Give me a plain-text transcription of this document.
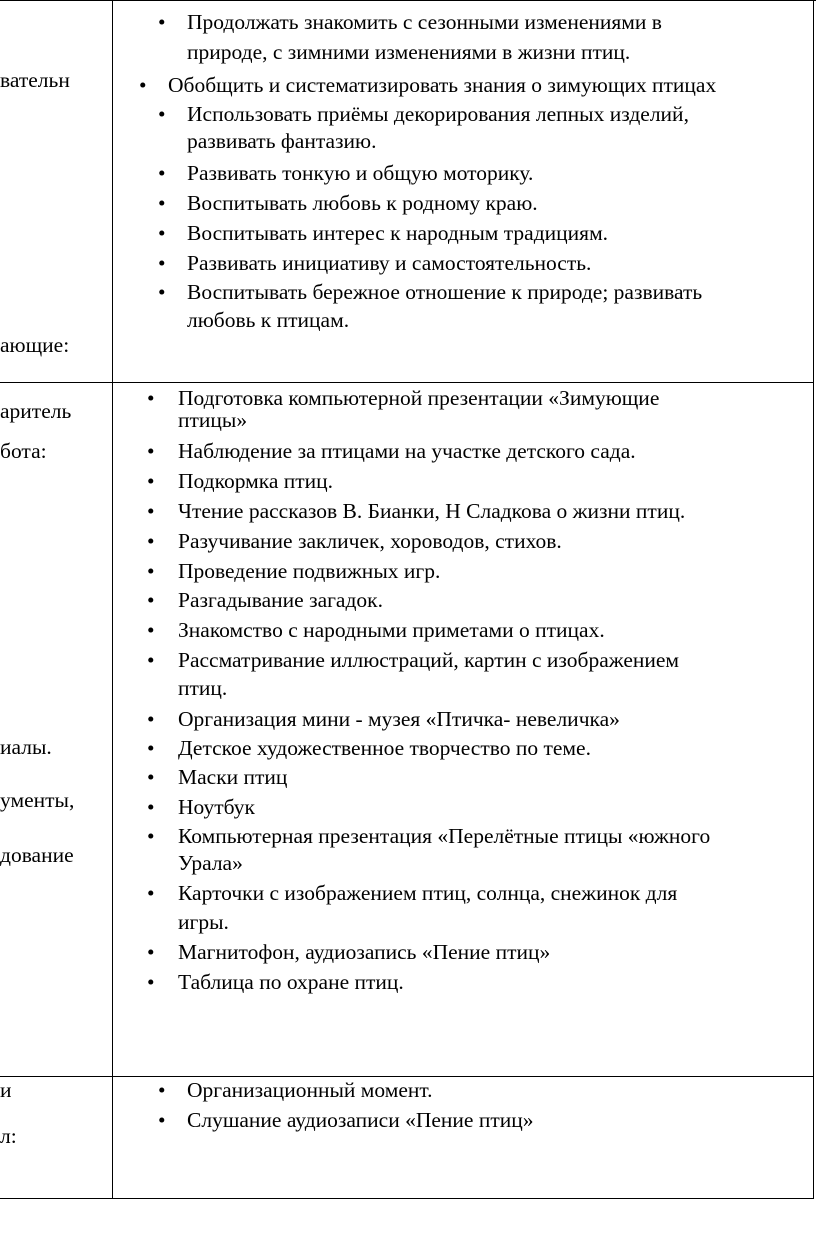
вательн
ающие:
• Продолжать знакомить с сезонными изменениями в
природе, с зимними изменениями в жизни птиц.
• Обобщить и систематизировать знания о зимующих птицах
• Использовать приёмы декорирования лепных изделий,
развивать фантазию.
• Развивать тонкую и общую моторику.
• Воспитывать любовь к родному краю.
• Воспитывать интерес к народным традициям.
• Развивать инициативу и самостоятельность.
• Воспитывать бережное отношение к природе; развивать
любовь к птицам.
аритель
бота:
иалы.
ументы,
дование
• Подготовка компьютерной презентации «Зимующие
птицы»
• Наблюдение за птицами на участке детского сада.
• Подкормка птиц.
• Чтение рассказов В. Бианки, Н Сладкова о жизни птиц.
• Разучивание закличек, хороводов, стихов.
• Проведение подвижных игр.
• Разгадывание загадок.
• Знакомство с народными приметами о птицах.
• Рассматривание иллюстраций, картин с изображением
птиц.
• Организация мини - музея «Птичка- невеличка»
• Детское художественное творчество по теме.
• Маски птиц
• Ноутбук
• Компьютерная презентация «Перелётные птицы «южного
Урала»
• Карточки с изображением птиц, солнца, снежинок для
игры.
• Магнитофон, аудиозапись «Пение птиц»
• Таблица по охране птиц.
и
л:
• Организационный момент.
• Слушание аудиозаписи «Пение птиц»
